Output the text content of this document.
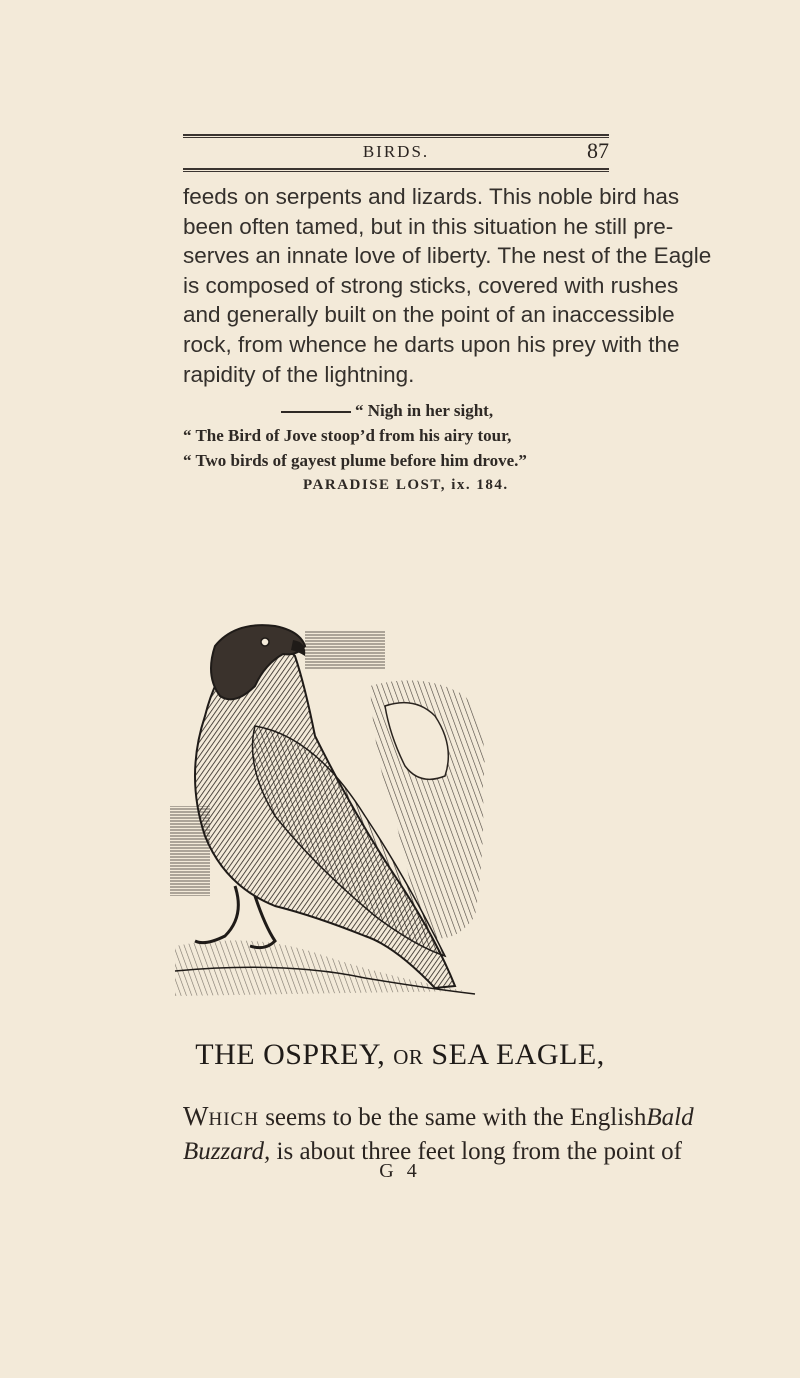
BIRDS.	87
feeds on serpents and lizards. This noble bird has
been often tamed, but in this situation he still pre-
serves an innate love of liberty. The nest of the Eagle
is composed of strong sticks, covered with rushes
and generally built on the point of an inaccessible
rock, from whence he darts upon his prey with the
rapidity of the lightning.
“ Nigh in her sight,
“ The Bird of Jove stoop’d from his airy tour,
“ Two birds of gayest plume before him drove.”
PARADISE LOST, ix. 184.
THE OSPREY, OR SEA EAGLE,
WHICH seems to be the same with the EnglishBald
Buzzard, is about three feet long from the point of
G 4
